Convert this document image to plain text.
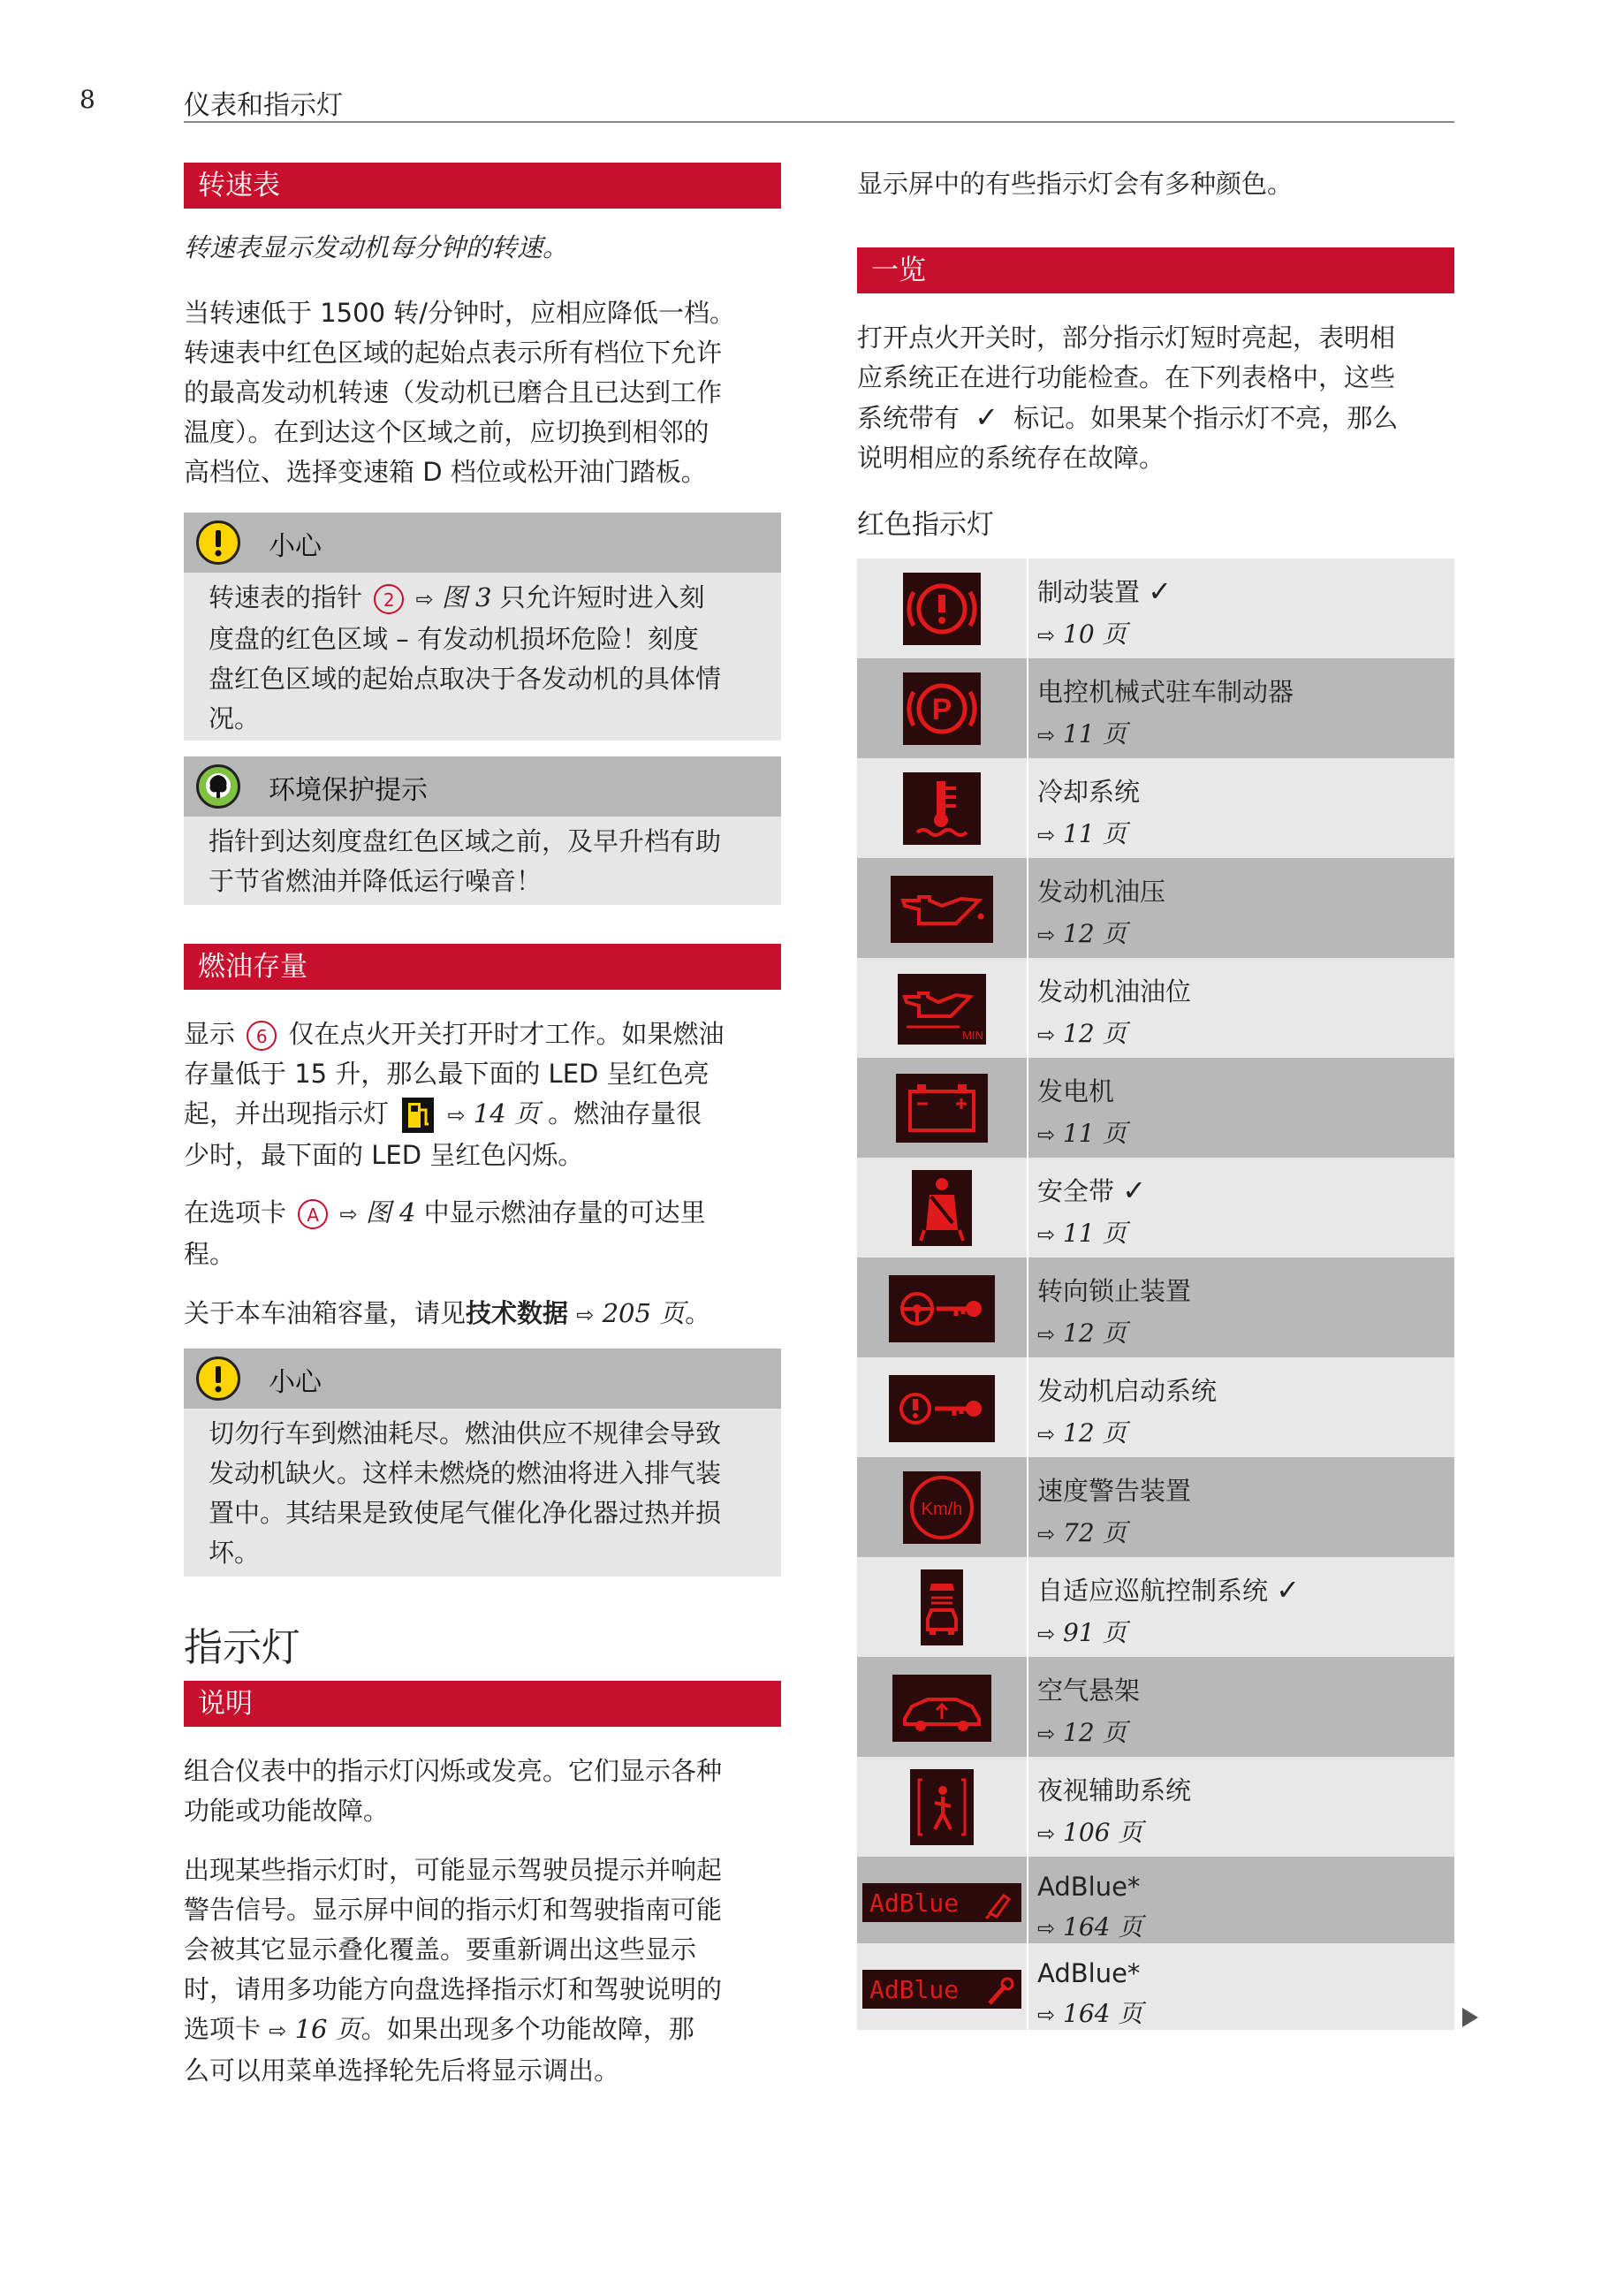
8	仪表和指示灯
转速表
转速表显示发动机每分钟的转速。
当转速低于 1500 转/分钟时，应相应降低一档。
转速表中红色区域的起始点表示所有档位下允许
的最高发动机转速（发动机已磨合且已达到工作
温度）。在到达这个区域之前，应切换到相邻的
高档位、选择变速箱 D 档位或松开油门踏板。
小心
转速表的指针 2 ⇨ 图 3 只允许短时进入刻
度盘的红色区域 – 有发动机损坏危险！刻度
盘红色区域的起始点取决于各发动机的具体情
况。
环境保护提示
指针到达刻度盘红色区域之前，及早升档有助
于节省燃油并降低运行噪音！
燃油存量
显示 6 仅在点火开关打开时才工作。如果燃油
存量低于 15 升，那么最下面的 LED 呈红色亮
起，并出现指示灯	⇨ 14 页 。燃油存量很
少时，最下面的 LED 呈红色闪烁。
在选项卡 A ⇨ 图 4 中显示燃油存量的可达里
程。
关于本车油箱容量，请见技术数据 ⇨ 205 页。
小心
切勿行车到燃油耗尽。燃油供应不规律会导致
发动机缺火。这样未燃烧的燃油将进入排气装
置中。其结果是致使尾气催化净化器过热并损
坏。
指示灯
说明
组合仪表中的指示灯闪烁或发亮。它们显示各种
功能或功能故障。
出现某些指示灯时，可能显示驾驶员提示并响起
警告信号。显示屏中间的指示灯和驾驶指南可能
会被其它显示叠化覆盖。要重新调出这些显示
时，请用多功能方向盘选择指示灯和驾驶说明的
选项卡 ⇨ 16 页。如果出现多个功能故障，那
么可以用菜单选择轮先后将显示调出。
显示屏中的有些指示灯会有多种颜色。
一览
打开点火开关时，部分指示灯短时亮起，表明相
应系统正在进行功能检查。在下列表格中，这些
系统带有 ✓ 标记。如果某个指示灯不亮，那么
说明相应的系统存在故障。
红色指示灯
制动装置 ✓
⇨ 10 页
P
电控机械式驻车制动器
⇨ 11 页
冷却系统
⇨ 11 页
发动机油压
⇨ 12 页
MIN
发动机油油位
⇨ 12 页
发电机
⇨ 11 页
安全带 ✓
⇨ 11 页
转向锁止装置
⇨ 12 页
发动机启动系统
⇨ 12 页
Km/h
速度警告装置
⇨ 72 页
自适应巡航控制系统 ✓
⇨ 91 页
空气悬架
⇨ 12 页
夜视辅助系统
⇨ 106 页
AdBlue
AdBlue*
⇨ 164 页
AdBlue
AdBlue*
⇨ 164 页
